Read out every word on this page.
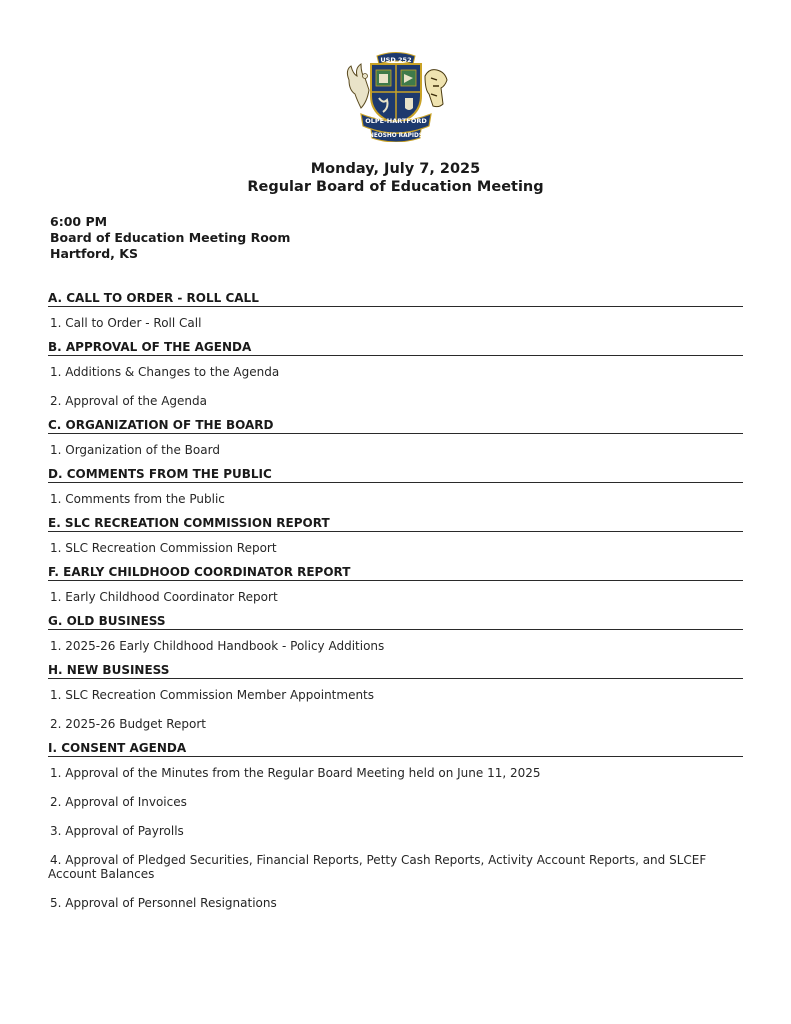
USD 252
OLPE-HARTFORD
NEOSHO RAPIDS
Monday, July 7, 2025
Regular Board of Education Meeting
6:00 PM
Board of Education Meeting Room
Hartford, KS
A. CALL TO ORDER - ROLL CALL
1. Call to Order - Roll Call
B. APPROVAL OF THE AGENDA
1. Additions & Changes to the Agenda
2. Approval of the Agenda
C. ORGANIZATION OF THE BOARD
1. Organization of the Board
D. COMMENTS FROM THE PUBLIC
1. Comments from the Public
E. SLC RECREATION COMMISSION REPORT
1. SLC Recreation Commission Report
F. EARLY CHILDHOOD COORDINATOR REPORT
1. Early Childhood Coordinator Report
G. OLD BUSINESS
1. 2025-26 Early Childhood Handbook - Policy Additions
H. NEW BUSINESS
1. SLC Recreation Commission Member Appointments
2. 2025-26 Budget Report
I. CONSENT AGENDA
1. Approval of the Minutes from the Regular Board Meeting held on June 11, 2025
2. Approval of Invoices
3. Approval of Payrolls
4. Approval of Pledged Securities, Financial Reports, Petty Cash Reports, Activity Account Reports, and SLCEF Account Balances
5. Approval of Personnel Resignations
